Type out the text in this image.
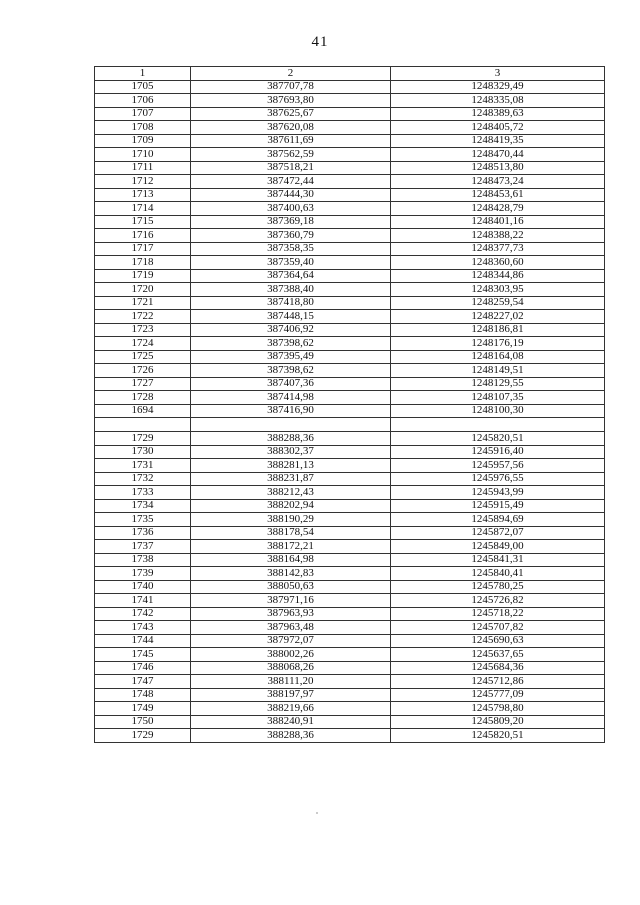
41
1	2	3
1705	387707,78	1248329,49
1706	387693,80	1248335,08
1707	387625,67	1248389,63
1708	387620,08	1248405,72
1709	387611,69	1248419,35
1710	387562,59	1248470,44
1711	387518,21	1248513,80
1712	387472,44	1248473,24
1713	387444,30	1248453,61
1714	387400,63	1248428,79
1715	387369,18	1248401,16
1716	387360,79	1248388,22
1717	387358,35	1248377,73
1718	387359,40	1248360,60
1719	387364,64	1248344,86
1720	387388,40	1248303,95
1721	387418,80	1248259,54
1722	387448,15	1248227,02
1723	387406,92	1248186,81
1724	387398,62	1248176,19
1725	387395,49	1248164,08
1726	387398,62	1248149,51
1727	387407,36	1248129,55
1728	387414,98	1248107,35
1694	387416,90	1248100,30

1729	388288,36	1245820,51
1730	388302,37	1245916,40
1731	388281,13	1245957,56
1732	388231,87	1245976,55
1733	388212,43	1245943,99
1734	388202,94	1245915,49
1735	388190,29	1245894,69
1736	388178,54	1245872,07
1737	388172,21	1245849,00
1738	388164,98	1245841,31
1739	388142,83	1245840,41
1740	388050,63	1245780,25
1741	387971,16	1245726,82
1742	387963,93	1245718,22
1743	387963,48	1245707,82
1744	387972,07	1245690,63
1745	388002,26	1245637,65
1746	388068,26	1245684,36
1747	388111,20	1245712,86
1748	388197,97	1245777,09
1749	388219,66	1245798,80
1750	388240,91	1245809,20
1729	388288,36	1245820,51
